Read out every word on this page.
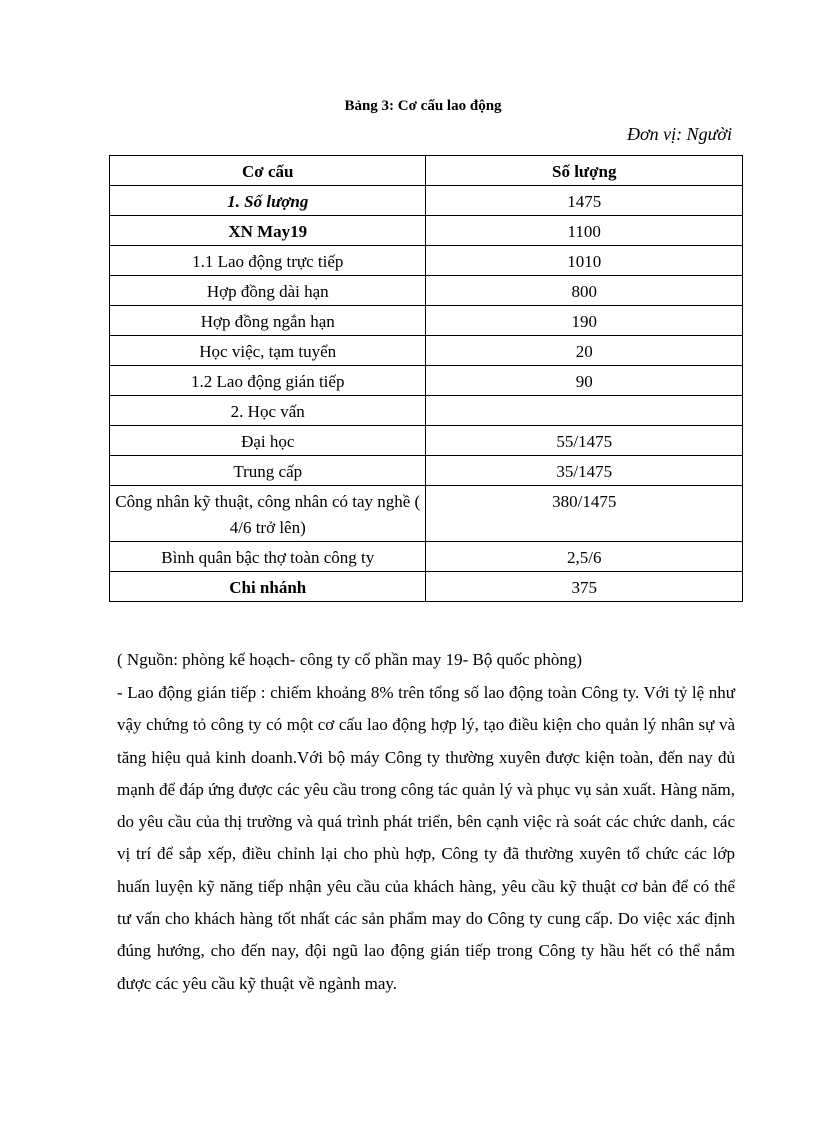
Bảng 3: Cơ cấu lao động
Đơn vị: Người
Cơ cấu	Số lượng
1. Số lượng	1475
XN May19	1100
1.1 Lao động trực tiếp	1010
Hợp đồng dài hạn	800
Hợp đồng ngắn hạn	190
Học việc, tạm tuyển	20
1.2 Lao động gián tiếp	90
2. Học vấn	
Đại học	55/1475
Trung cấp	35/1475
Công nhân kỹ thuật, công nhân có tay nghề ( 4/6 trở lên)	380/1475
Bình quân bậc thợ toàn công ty	2,5/6
Chi nhánh	375
( Nguồn: phòng kế hoạch- công ty cổ phần may 19- Bộ quốc phòng)
- Lao động gián tiếp : chiếm khoảng 8% trên tổng số lao động toàn Công ty. Với tỷ lệ như vậy chứng tỏ công ty có một cơ cấu lao động hợp lý, tạo điều kiện cho quản lý nhân sự và tăng hiệu quả kinh doanh.Với bộ máy Công ty thường xuyên được kiện toàn, đến nay đủ mạnh để đáp ứng được các yêu cầu trong công tác quản lý và phục vụ sản xuất. Hàng năm, do yêu cầu của thị trường và quá trình phát triển, bên cạnh việc rà soát các chức danh, các vị trí để sắp xếp, điều chỉnh lại cho phù hợp, Công ty đã thường xuyên tổ chức các lớp huấn luyện kỹ năng tiếp nhận yêu cầu của khách hàng, yêu cầu kỹ thuật cơ bản để có thể tư vấn cho khách hàng tốt nhất các sản phẩm may do Công ty cung cấp. Do việc xác định đúng hướng, cho đến nay, đội ngũ lao động gián tiếp trong Công ty hầu hết có thể nắm được các yêu cầu kỹ thuật về ngành may.
